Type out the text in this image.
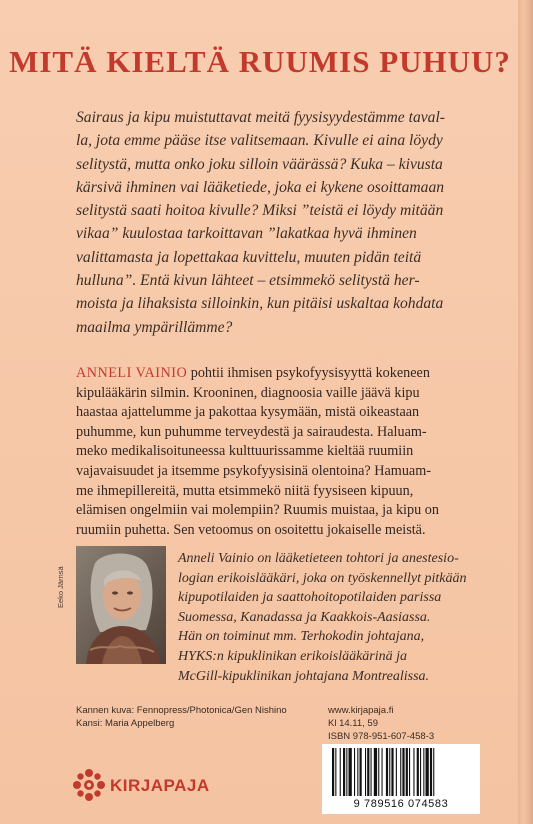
MITÄ KIELTÄ RUUMIS PUHUU?

Sairaus ja kipu muistuttavat meitä fyysisyydestämme taval-
la, jota emme pääse itse valitsemaan. Kivulle ei aina löydy
selitystä, mutta onko joku silloin väärässä? Kuka – kivusta
kärsivä ihminen vai lääketiede, joka ei kykene osoittamaan
selitystä saati hoitoa kivulle? Miksi ”teistä ei löydy mitään
vikaa” kuulostaa tarkoittavan ”lakatkaa hyvä ihminen
valittamasta ja lopettakaa kuvittelu, muuten pidän teitä
hulluna”. Entä kivun lähteet – etsimmekö selitystä her-
moista ja lihaksista silloinkin, kun pitäisi uskaltaa kohdata
maailma ympärillämme?

ANNELI VAINIO pohtii ihmisen psykofyysisyyttä kokeneen
kipulääkärin silmin. Krooninen, diagnoosia vaille jäävä kipu
haastaa ajattelumme ja pakottaa kysymään, mistä oikeastaan
puhumme, kun puhumme terveydestä ja sairaudesta. Haluam-
meko medikalisoituneessa kulttuurissamme kieltää ruumiin
vajavaisuudet ja itsemme psykofyysisinä olentoina? Hamuam-
me ihmepillereitä, mutta etsimmekö niitä fyysiseen kipuun,
elämisen ongelmiin vai molempiin? Ruumis muistaa, ja kipu on
ruumiin puhetta. Sen vetoomus on osoitettu jokaiselle meistä.

Eeko Järnsä

Anneli Vainio on lääketieteen tohtori ja anestesio-
logian erikoislääkäri, joka on työskennellyt pitkään
kipupotilaiden ja saattohoitopotilaiden parissa
Suomessa, Kanadassa ja Kaakkois-Aasiassa.
Hän on toiminut mm. Terhokodin johtajana,
HYKS:n kipuklinikan erikoislääkärinä ja
McGill-kipuklinikan johtajana Montrealissa.

Kannen kuva: Fennopress/Photonica/Gen Nishino
Kansi: Maria Appelberg

www.kirjapaja.fi
Kl 14.11, 59
ISBN 978-951-607-458-3

KIRJAPAJA
9 789516 074583
